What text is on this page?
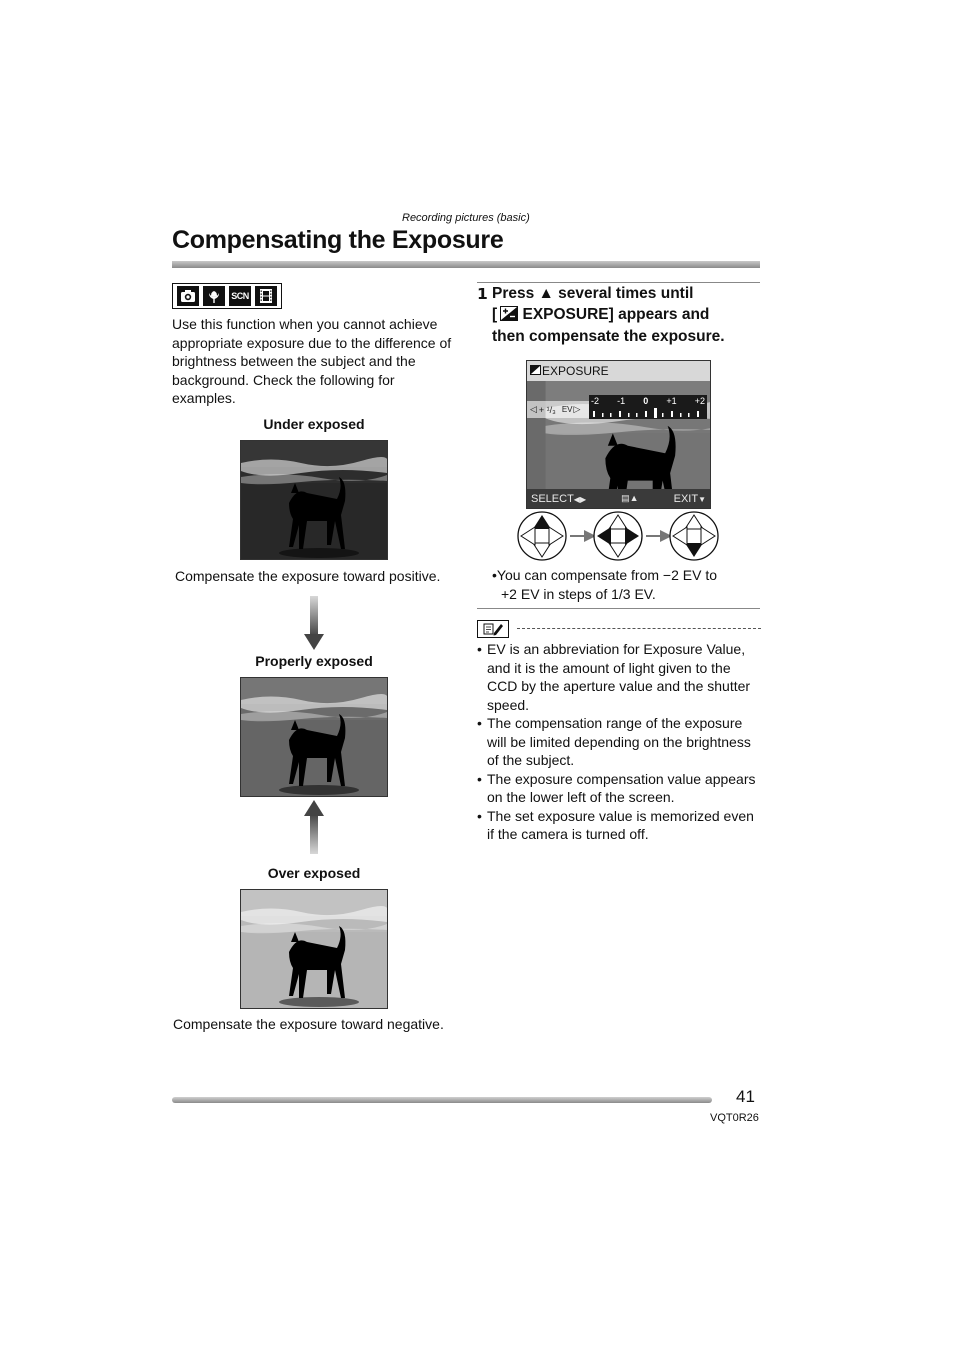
Recording pictures (basic)
Compensating the Exposure
SCN
Use this function when you cannot achieve appropriate exposure due to the difference of brightness between the subject and the background. Check the following for examples.
Under exposed
Compensate the exposure toward positive.
Properly exposed
Over exposed
Compensate the exposure toward negative.
1 Press ▲ several times until
[ EXPOSURE] appears and
then compensate the exposure.
EXPOSURE
◁ + ¹/₃ EV ▷
-2 -1 0 +1 +2
SELECT◀▶	▤▲	EXIT▼
•You can compensate from −2 EV to
+2 EV in steps of 1/3 EV.
• EV is an abbreviation for Exposure Value, and it is the amount of light given to the CCD by the aperture value and the shutter speed.
• The compensation range of the exposure will be limited depending on the brightness of the subject.
• The exposure compensation value appears on the lower left of the screen.
• The set exposure value is memorized even if the camera is turned off.
41
VQT0R26
